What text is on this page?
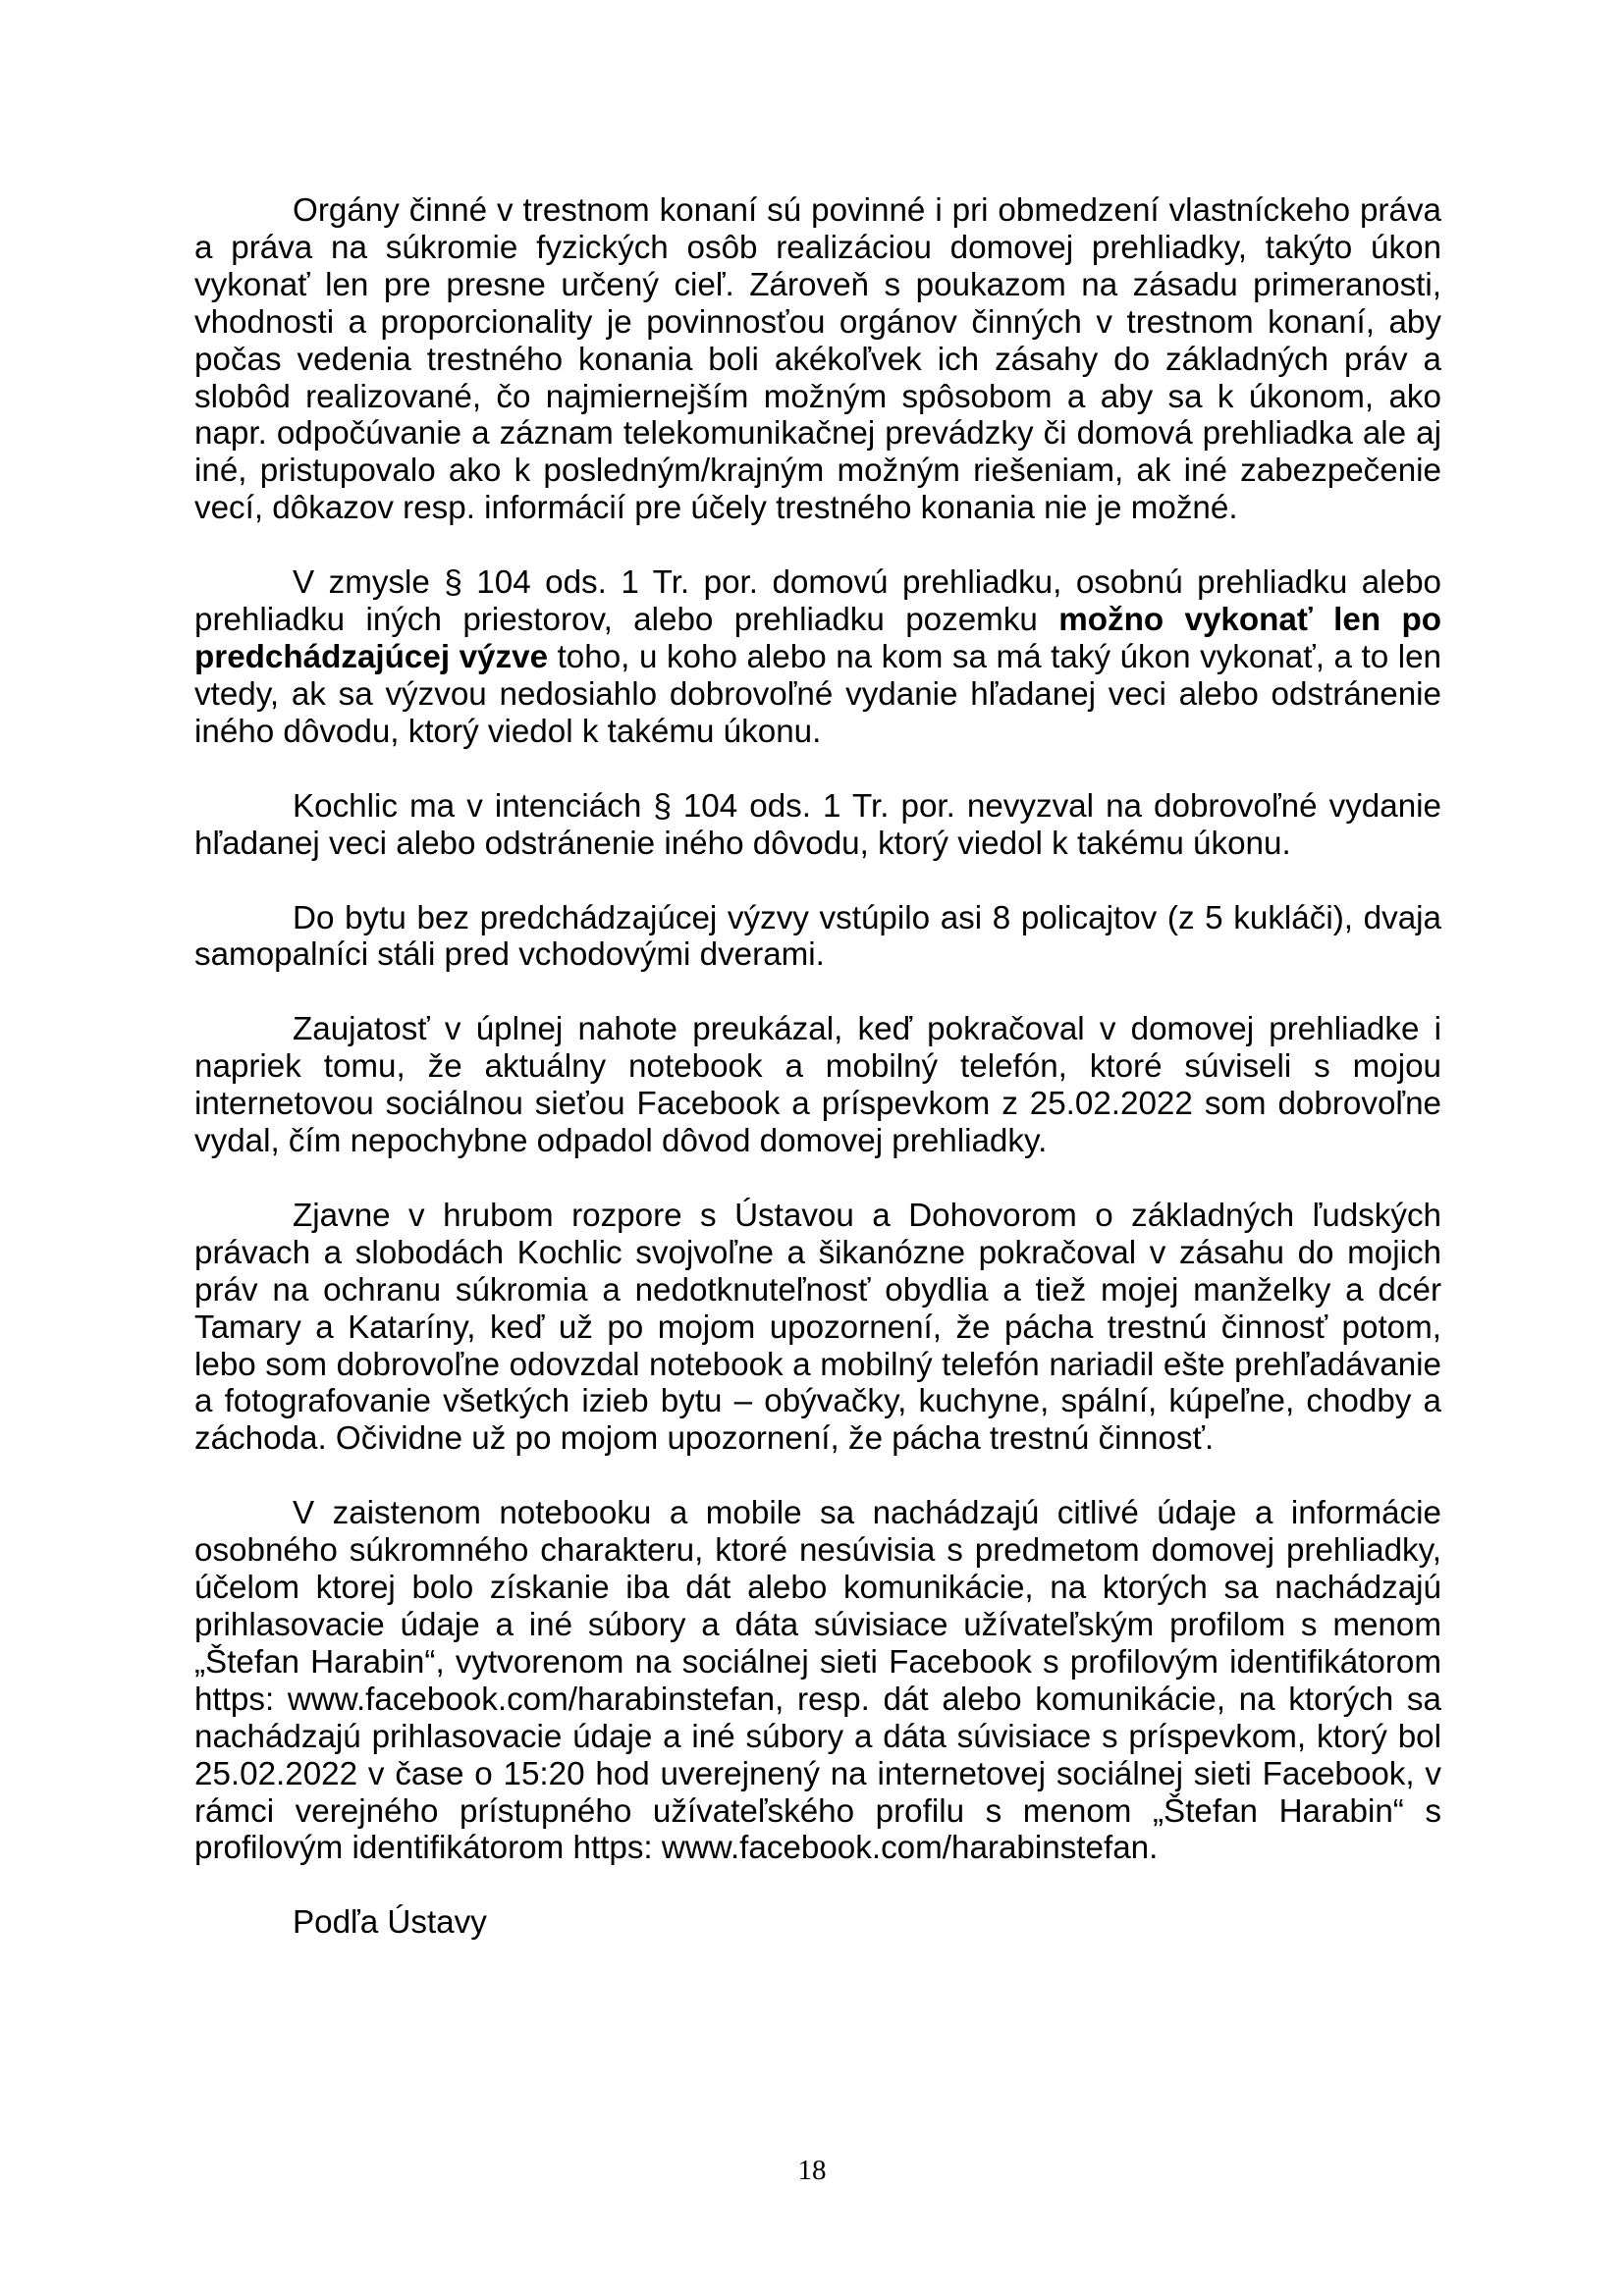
Orgány činné v trestnom konaní sú povinné i pri obmedzení vlastníckeho práva a práva na súkromie fyzických osôb realizáciou domovej prehliadky, takýto úkon vykonať len pre presne určený cieľ. Zároveň s poukazom na zásadu primeranosti, vhodnosti a proporcionality je povinnosťou orgánov činných v trestnom konaní, aby počas vedenia trestného konania boli akékoľvek ich zásahy do základných práv a slobôd realizované, čo najmiernejším možným spôsobom a aby sa k úkonom, ako napr. odpočúvanie a záznam telekomunikačnej prevádzky či domová prehliadka ale aj iné, pristupovalo ako k posledným/krajným možným riešeniam, ak iné zabezpečenie vecí, dôkazov resp. informácií pre účely trestného konania nie je možné.

V zmysle § 104 ods. 1 Tr. por. domovú prehliadku, osobnú prehliadku alebo prehliadku iných priestorov, alebo prehliadku pozemku možno vykonať len po predchádzajúcej výzve toho, u koho alebo na kom sa má taký úkon vykonať, a to len vtedy, ak sa výzvou nedosiahlo dobrovoľné vydanie hľadanej veci alebo odstránenie iného dôvodu, ktorý viedol k takému úkonu.

Kochlic ma v intenciách § 104 ods. 1 Tr. por. nevyzval na dobrovoľné vydanie hľadanej veci alebo odstránenie iného dôvodu, ktorý viedol k takému úkonu.

Do bytu bez predchádzajúcej výzvy vstúpilo asi 8 policajtov (z 5 kukláči), dvaja samopalníci stáli pred vchodovými dverami.

Zaujatosť v úplnej nahote preukázal, keď pokračoval v domovej prehliadke i napriek tomu, že aktuálny notebook a mobilný telefón, ktoré súviseli s mojou internetovou sociálnou sieťou Facebook a príspevkom z 25.02.2022 som dobrovoľne vydal, čím nepochybne odpadol dôvod domovej prehliadky.

Zjavne v hrubom rozpore s Ústavou a Dohovorom o základných ľudských právach a slobodách Kochlic svojvoľne a šikanózne pokračoval v zásahu do mojich práv na ochranu súkromia a nedotknuteľnosť obydlia a tiež mojej manželky a dcér Tamary a Kataríny, keď už po mojom upozornení, že pácha trestnú činnosť potom, lebo som dobrovoľne odovzdal notebook a mobilný telefón nariadil ešte prehľadávanie a fotografovanie všetkých izieb bytu – obývačky, kuchyne, spální, kúpeľne, chodby a záchoda. Očividne už po mojom upozornení, že pácha trestnú činnosť.

V zaistenom notebooku a mobile sa nachádzajú citlivé údaje a informácie osobného súkromného charakteru, ktoré nesúvisia s predmetom domovej prehliadky, účelom ktorej bolo získanie iba dát alebo komunikácie, na ktorých sa nachádzajú prihlasovacie údaje a iné súbory a dáta súvisiace užívateľským profilom s menom „Štefan Harabin“, vytvorenom na sociálnej sieti Facebook s profilovým identifikátorom https: www.facebook.com/harabinstefan, resp. dát alebo komunikácie, na ktorých sa nachádzajú prihlasovacie údaje a iné súbory a dáta súvisiace s príspevkom, ktorý bol 25.02.2022 v čase o 15:20 hod uverejnený na internetovej sociálnej sieti Facebook, v rámci verejného prístupného užívateľského profilu s menom „Štefan Harabin“ s profilovým identifikátorom https: www.facebook.com/harabinstefan.

Podľa Ústavy

18
